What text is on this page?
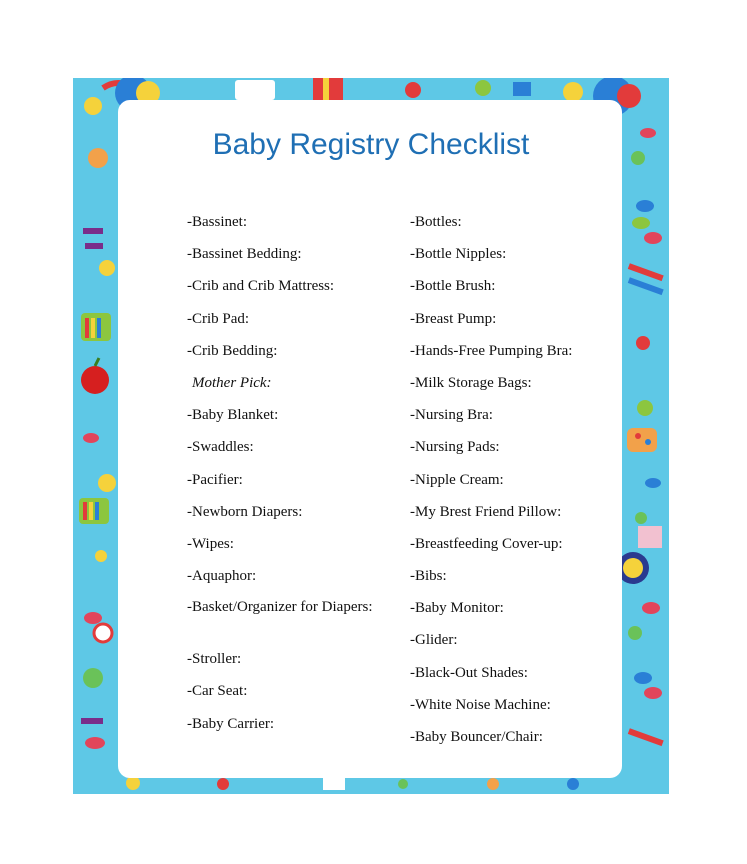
Baby Registry Checklist
-Bassinet:
-Bassinet Bedding:
-Crib and Crib Mattress:
-Crib Pad:
-Crib Bedding:
Mother Pick:
-Baby Blanket:
-Swaddles:
-Pacifier:
-Newborn Diapers:
-Wipes:
-Aquaphor:
-Basket/Organizer for Diapers:
-Stroller:
-Car Seat:
-Baby Carrier:
-Bottles:
-Bottle Nipples:
-Bottle Brush:
-Breast Pump:
-Hands-Free Pumping Bra:
-Milk Storage Bags:
-Nursing Bra:
-Nursing Pads:
-Nipple Cream:
-My Brest Friend Pillow:
-Breastfeeding Cover-up:
-Bibs:
-Baby Monitor:
-Glider:
-Black-Out Shades:
-White Noise Machine:
-Baby Bouncer/Chair:
